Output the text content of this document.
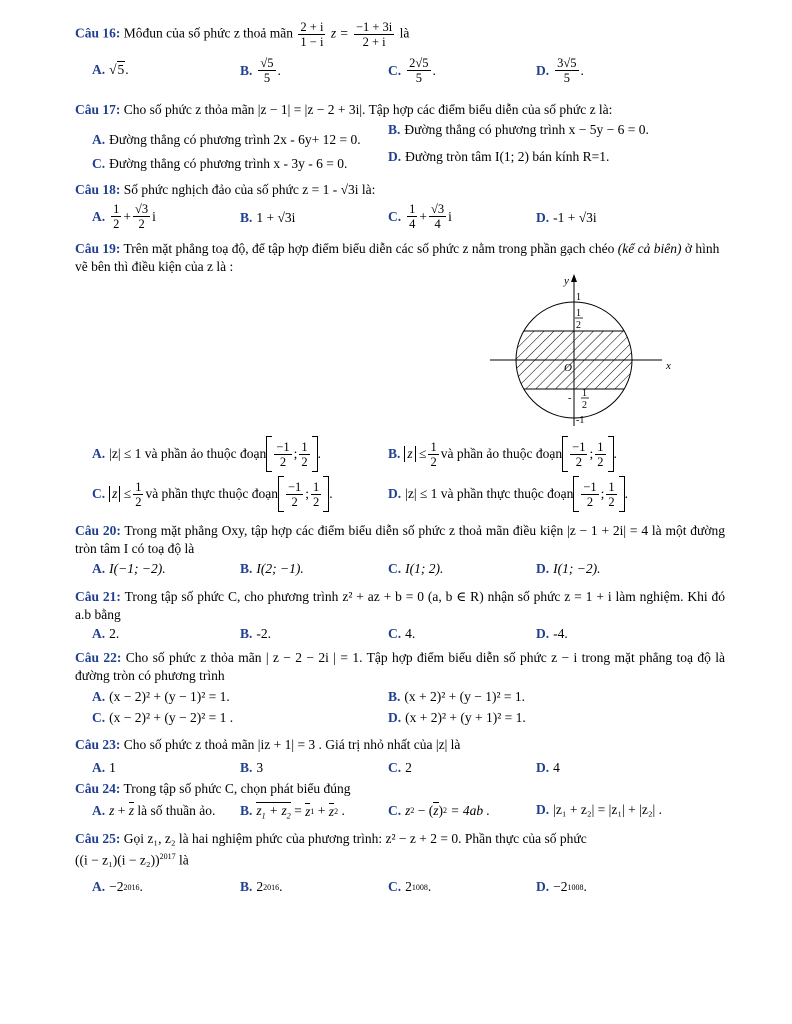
Câu 16: Môđun của số phức z thoả mãn $\frac{2 + i}{1 - i}$ $z = \frac{-1 + 3i}{2 + i}$ là
A. √5 .	B. $\frac{√5}{5}$ .	C. $\frac{2√5}{5}$ .	D. $\frac{3√5}{5}$ .
Câu 17: Cho số phức z thỏa mãn |z − 1| = |z − 2 + 3i|. Tập hợp các điểm biểu diễn của số phức z là:
A. Đường thẳng có phương trình 2x - 6y+ 12 = 0.
B. Đường thẳng có phương trình x − 5y − 6 = 0.
C. Đường thẳng có phương trình x - 3y - 6 = 0.	D. Đường tròn tâm I(1; 2) bán kính R=1.
Câu 18: Số phức nghịch đảo của số phức z = 1 - √3i là:
A. $\frac{1}{2} + \frac{√3}{2}$ i	B. 1 + √3i	C. $\frac{1}{4} + \frac{√3}{4}$ i	D. -1 + √3i
Câu 19: Trên mặt phẳng toạ độ, để tập hợp điểm biểu diễn các số phức z nằm trong phần gạch chéo (kể cả biên) ở hình vẽ bên thì điều kiện của z là :
y
x
O
1
1
2
- 1
2
-1
A. |z| ≤ 1 và phần ảo thuộc đoạn $\frac{-1}{2}$ ; $\frac{1}{2}$ .	B. $z \le \frac{1}{2}$ và phần ảo thuộc đoạn $\frac{-1}{2}$ ; $\frac{1}{2}$ .
C. $z \le \frac{1}{2}$ và phần thực thuộc đoạn $\frac{-1}{2}$ ; $\frac{1}{2}$ .	D. |z| ≤ 1 và phần thực thuộc đoạn $\frac{-1}{2}$ ; $\frac{1}{2}$ .
Câu 20: Trong mặt phẳng Oxy, tập hợp các điểm biểu diễn số phức z thoả mãn điều kiện |z − 1 + 2i| = 4 là một đường tròn tâm I có toạ độ là
A. I(−1; −2).	B. I(2; −1).	C. I(1; 2).	D. I(1; −2).
Câu 21: Trong tập số phức C, cho phương trình z² + az + b = 0 (a, b ∈ R) nhận số phức z = 1 + i làm nghiệm. Khi đó a.b bằng
A. 2.	B. -2.	C. 4.	D. -4.
Câu 22: Cho số phức z thỏa mãn | z − 2 − 2i | = 1. Tập hợp điểm biểu diễn số phức z − i trong mặt phẳng toạ độ là đường tròn có phương trình
A. (x − 2)² + (y − 1)² = 1.	B. (x + 2)² + (y − 1)² = 1.
C. (x − 2)² + (y − 2)² = 1 .	D. (x + 2)² + (y + 1)² = 1.
Câu 23: Cho số phức z thoả mãn |iz + 1| = 3 . Giá trị nhỏ nhất của |z| là
A. 1	B. 3	C. 2	D. 4
Câu 24: Trong tập số phức C, chọn phát biểu đúng
A. z + z
là số thuần ảo. B. $z_1 + z_2 = z$ 1 + z 2 .	C. z 2 − ( z ) 2
= 4ab .	D. |z₁ + z₂| = |z₁| + |z₂| .
Câu 25: Gọi z₁, z₂ là hai nghiệm phức của phương trình: z² − z + 2 = 0. Phần thực của số phức
$((i - z_1)(i - z_2))^{2017}$ là
A. −2 2016 .	B. 2 2016 .	C. 2 1008 .	D. −2 1008 .
